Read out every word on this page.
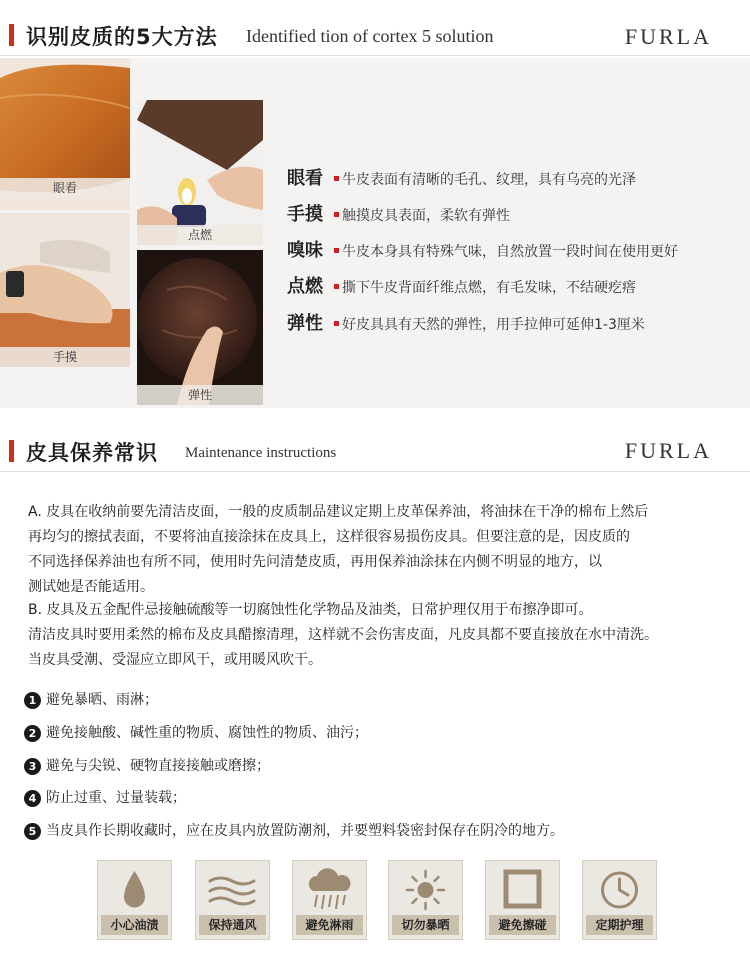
识别皮质的5大方法 Identified tion of cortex 5 solution	FURLA
眼看
手摸
点燃
弹性
眼看 牛皮表面有清晰的毛孔、纹理，具有乌亮的光泽
手摸 触摸皮具表面，柔软有弹性
嗅味 牛皮本身具有特殊气味，自然放置一段时间在使用更好
点燃 撕下牛皮背面纤维点燃，有毛发味，不结硬疙瘩
弹性 好皮具具有天然的弹性，用手拉伸可延伸1-3厘米
皮具保养常识 Maintenance instructions	FURLA
A. 皮具在收纳前要先清洁皮面，一般的皮质制品建议定期上皮革保养油，将油抹在干净的棉布上然后
再均匀的擦拭表面，不要将油直接涂抹在皮具上，这样很容易损伤皮具。但要注意的是，因皮质的
不同选择保养油也有所不同，使用时先问清楚皮质，再用保养油涂抹在内侧不明显的地方，以
测试她是否能适用。
B. 皮具及五金配件忌接触硫酸等一切腐蚀性化学物品及油类，日常护理仅用于布擦净即可。
清洁皮具时要用柔然的棉布及皮具醋擦清理，这样就不会伤害皮面，凡皮具都不要直接放在水中清洗。
当皮具受潮、受湿应立即风干，或用暖风吹干。
1 避免暴晒、雨淋；
2 避免接触酸、碱性重的物质、腐蚀性的物质、油污；
3 避免与尖锐、硬物直接接触或磨擦；
4 防止过重、过量装载；
5 当皮具作长期收藏时，应在皮具内放置防潮剂，并要塑料袋密封保存在阴冷的地方。
小心油渍	保持通风	避免淋雨	切勿暴晒	避免擦碰	定期护理
